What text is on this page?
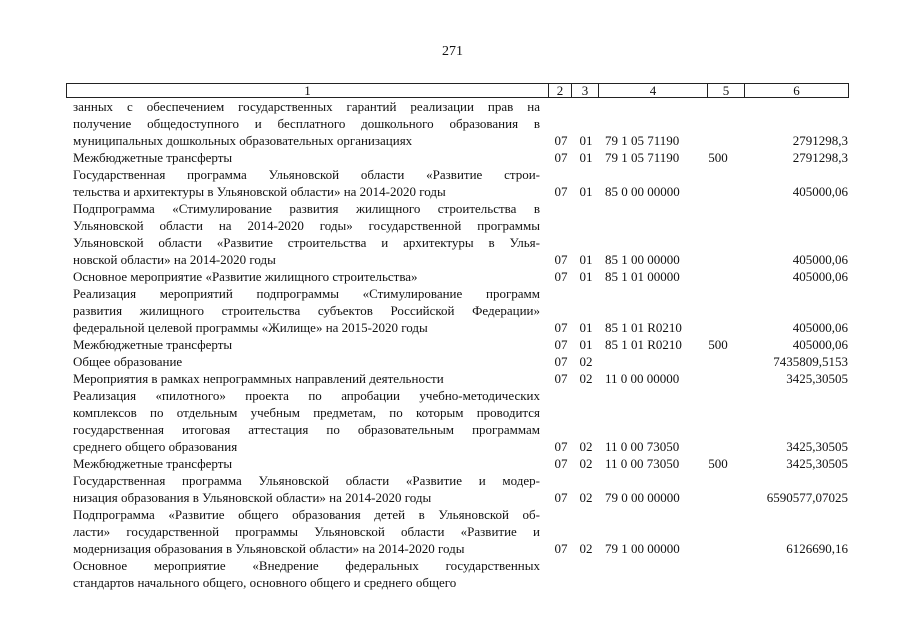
271
1	2	3	4	5	6
занных с обеспечением государственных гарантий реализации прав на
получение общедоступного и бесплатного дошкольного образования в
муниципальных дошкольных образовательных организациях	07 01 79 1 05 71190	2791298,3
Межбюджетные трансферты	07 01 79 1 05 71190	500	2791298,3
Государственная программа Ульяновской области «Развитие строи-
тельства и архитектуры в Ульяновской области» на 2014-2020 годы	07 01 85 0 00 00000	405000,06
Подпрограмма «Стимулирование развития жилищного строительства в
Ульяновской области на 2014-2020 годы» государственной программы
Ульяновской области «Развитие строительства и архитектуры в Улья-
новской области» на 2014-2020 годы	07 01 85 1 00 00000	405000,06
Основное мероприятие «Развитие жилищного строительства»	07 01 85 1 01 00000	405000,06
Реализация мероприятий подпрограммы «Стимулирование программ
развития жилищного строительства субъектов Российской Федерации»
федеральной целевой программы «Жилище» на 2015-2020 годы	07 01 85 1 01 R0210	405000,06
Межбюджетные трансферты	07 01 85 1 01 R0210	500	405000,06
Общее образование	07 02	7435809,5153
Мероприятия в рамках непрограммных направлений деятельности	07 02 11 0 00 00000	3425,30505
Реализация «пилотного» проекта по апробации учебно-методических
комплексов по отдельным учебным предметам, по которым проводится
государственная итоговая аттестация по образовательным программам
среднего общего образования	07 02 11 0 00 73050	3425,30505
Межбюджетные трансферты	07 02 11 0 00 73050	500	3425,30505
Государственная программа Ульяновской области «Развитие и модер-
низация образования в Ульяновской области» на 2014-2020 годы	07 02 79 0 00 00000	6590577,07025
Подпрограмма «Развитие общего образования детей в Ульяновской об-
ласти» государственной программы Ульяновской области «Развитие и
модернизация образования в Ульяновской области» на 2014-2020 годы	07 02 79 1 00 00000	6126690,16
Основное мероприятие «Внедрение федеральных государственных
стандартов начального общего, основного общего и среднего общего
